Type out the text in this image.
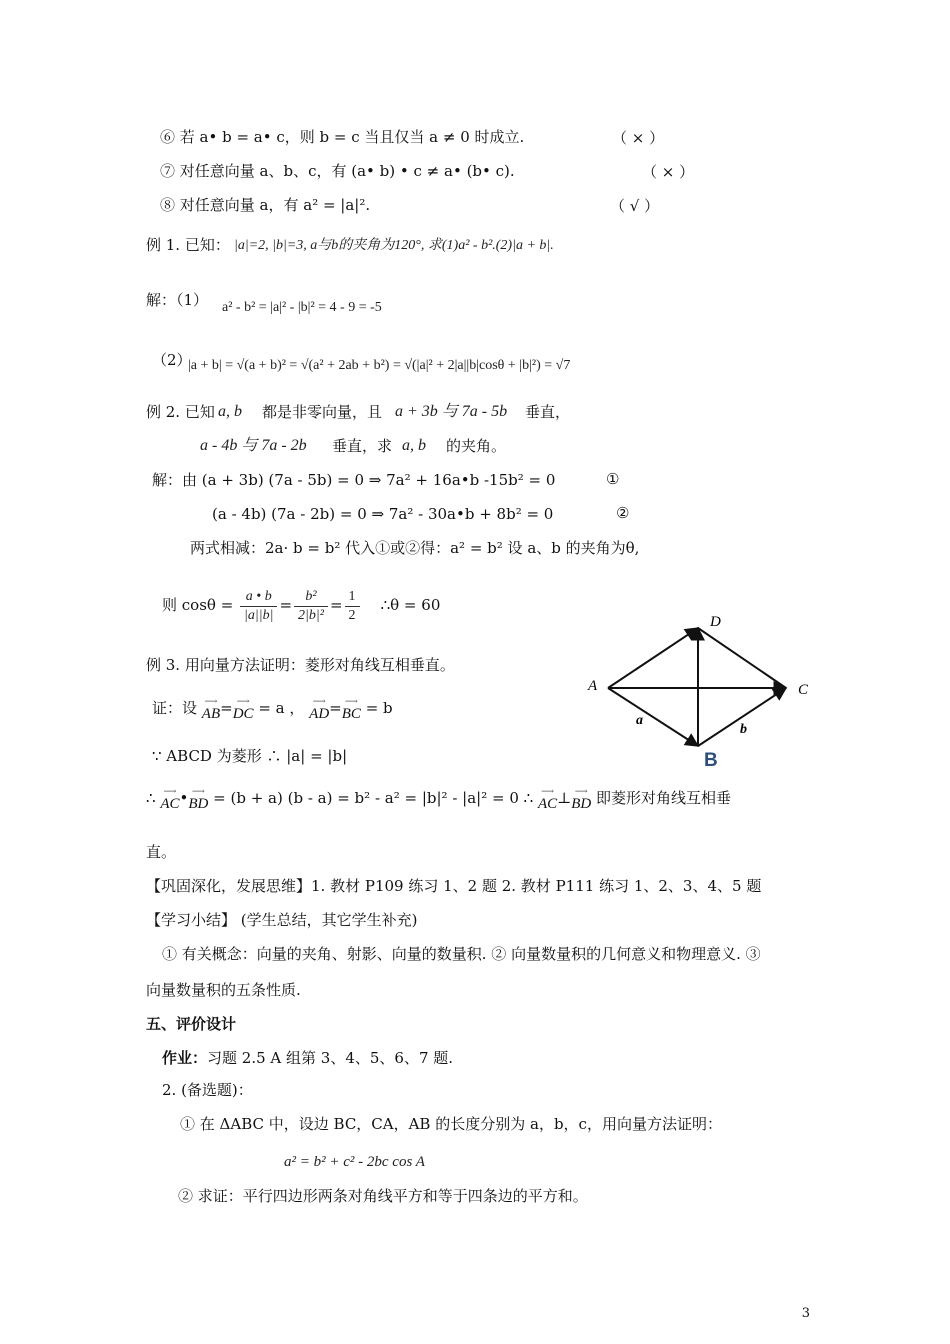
⑥ 若 a• b = a• c，则 b = c 当且仅当 a ≠ 0 时成立.	（ × ）
⑦ 对任意向量 a、b、c，有 (a• b) • c ≠ a• (b• c).	（ × ）
⑧ 对任意向量 a，有 a² = |a|².	（ √ ）
例 1. 已知： |a|=2, |b|=3, a与b的夹角为120°, 求(1)a² - b².(2)|a + b|.
解：（1） a² - b² = |a|² - |b|² = 4 - 9 = -5
（2）
|a + b| = √(a + b)² = √(a² + 2ab + b²) = √(|a|² + 2|a||b|cosθ + |b|²) = √7
例 2. 已知 a, b 都是非零向量，且 a + 3b 与 7a - 5b 垂直，
a - 4b 与 7a - 2b 垂直，求 a, b 的夹角。
解：由 (a + 3b) (7a - 5b) = 0 ⇒ 7a² + 16a•b -15b² = 0	①
(a - 4b) (7a - 2b) = 0 ⇒ 7a² - 30a•b + 8b² = 0	②
两式相减：2a· b = b² 代入①或②得：a² = b² 设 a、b 的夹角为θ,
则 $\cos\theta = \frac{a • b}{|a||b|} = \frac{\text{b²}}{\text{2|b|²}} = \frac{1}{2}$ ∴θ = 60
例 3. 用向量方法证明：菱形对角线互相垂直。
证：设 ⟶
AB = ⟶
DC = a ， ⟶
AD = ⟶
BC = b
∵ ABCD 为菱形 ∴ |a| = |b|
∴ ⟶
AC • ⟶
BD = (b + a) (b - a) = b² - a² = |b|² - |a|² = 0 ∴ ⟶
AC ⊥ ⟶
BD 即菱形对角线互相垂
直。
A
D
C
B
a
b
【巩固深化，发展思维】1. 教材 P109 练习 1、2 题 2. 教材 P111 练习 1、2、3、4、5 题
【学习小结】 (学生总结，其它学生补充)
① 有关概念：向量的夹角、射影、向量的数量积. ② 向量数量积的几何意义和物理意义. ③
向量数量积的五条性质.
五、评价设计
作业：习题 2.5 A 组第 3、4、5、6、7 题.
2. (备选题)：
① 在 ΔABC 中，设边 BC，CA，AB 的长度分别为 a，b，c，用向量方法证明：
a² = b² + c² - 2bc cos A
② 求证：平行四边形两条对角线平方和等于四条边的平方和。
3
